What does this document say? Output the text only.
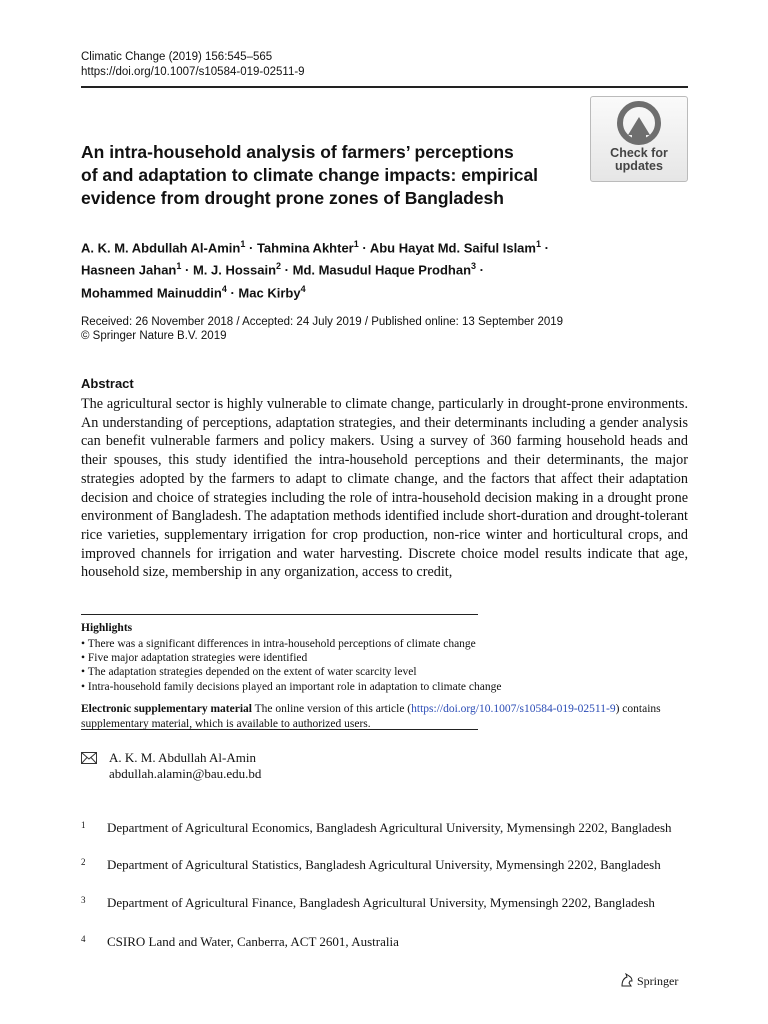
Climatic Change (2019) 156:545–565
https://doi.org/10.1007/s10584-019-02511-9
Check for
updates
An intra-household analysis of farmers’ perceptions
of and adaptation to climate change impacts: empirical
evidence from drought prone zones of Bangladesh
A. K. M. Abdullah Al-Amin$^1$ · Tahmina Akhter$^1$ · Abu Hayat Md. Saiful Islam$^1$ ·
Hasneen Jahan$^1$ · M. J. Hossain$^2$ · Md. Masudul Haque Prodhan$^3$ ·
Mohammed Mainuddin$^4$ · Mac Kirby$^4$
Received: 26 November 2018 / Accepted: 24 July 2019 / Published online: 13 September 2019
© Springer Nature B.V. 2019
Abstract
The agricultural sector is highly vulnerable to climate change, particularly in drought-prone environments. An understanding of perceptions, adaptation strategies, and their determinants including a gender analysis can benefit vulnerable farmers and policy makers. Using a survey of 360 farming household heads and their spouses, this study identified the intra-household perceptions and their determinants, the major strategies adopted by the farmers to adapt to climate change, and the factors that affect their adaptation decision and choice of strategies including the role of intra-household decision making in a drought prone environment of Bangladesh. The adaptation methods identified include short-duration and drought-tolerant rice varieties, supplementary irrigation for crop production, non-rice winter and horticultural crops, and improved channels for irrigation and water harvesting. Discrete choice model results indicate that age, household size, membership in any organization, access to credit,
Highlights
• There was a significant differences in intra-household perceptions of climate change
• Five major adaptation strategies were identified
• The adaptation strategies depended on the extent of water scarcity level
• Intra-household family decisions played an important role in adaptation to climate change
Electronic supplementary material The online version of this article (https://doi.org/10.1007/s10584-019-02511-9) contains supplementary material, which is available to authorized users.
A. K. M. Abdullah Al-Amin
abdullah.alamin@bau.edu.bd
1 Department of Agricultural Economics, Bangladesh Agricultural University, Mymensingh 2202, Bangladesh
2 Department of Agricultural Statistics, Bangladesh Agricultural University, Mymensingh 2202, Bangladesh
3 Department of Agricultural Finance, Bangladesh Agricultural University, Mymensingh 2202, Bangladesh
4 CSIRO Land and Water, Canberra, ACT 2601, Australia
Springer
